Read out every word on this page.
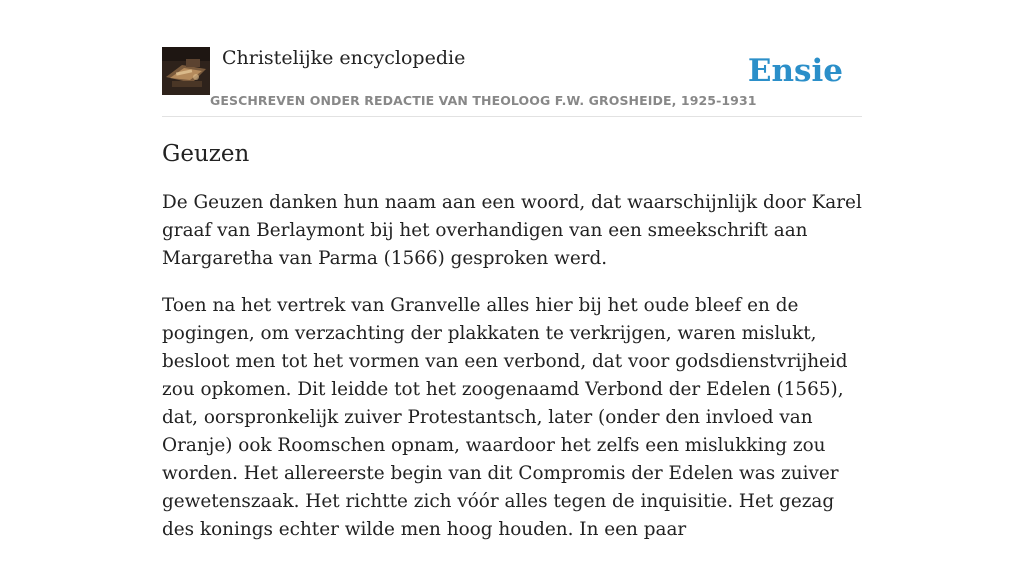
Christelijke encyclopedie
GESCHREVEN ONDER REDACTIE VAN THEOLOOG F.W. GROSHEIDE, 1925-1931
Ensie
Geuzen

De Geuzen danken hun naam aan een woord, dat waarschijnlijk door Karel graaf van Berlaymont bij het overhandigen van een smeekschrift aan Margaretha van Parma (1566) gesproken werd.

Toen na het vertrek van Granvelle alles hier bij het oude bleef en de pogingen, om verzachting der plakkaten te verkrijgen, waren mislukt, besloot men tot het vormen van een verbond, dat voor godsdienstvrijheid zou opkomen. Dit leidde tot het zoogenaamd Verbond der Edelen (1565), dat, oorspronkelijk zuiver Protestantsch, later (onder den invloed van Oranje) ook Roomschen opnam, waardoor het zelfs een mislukking zou worden. Het allereerste begin van dit Compromis der Edelen was zuiver gewetenszaak. Het richtte zich vóór alles tegen de inquisitie. Het gezag des konings echter wilde men hoog houden. In een paar
